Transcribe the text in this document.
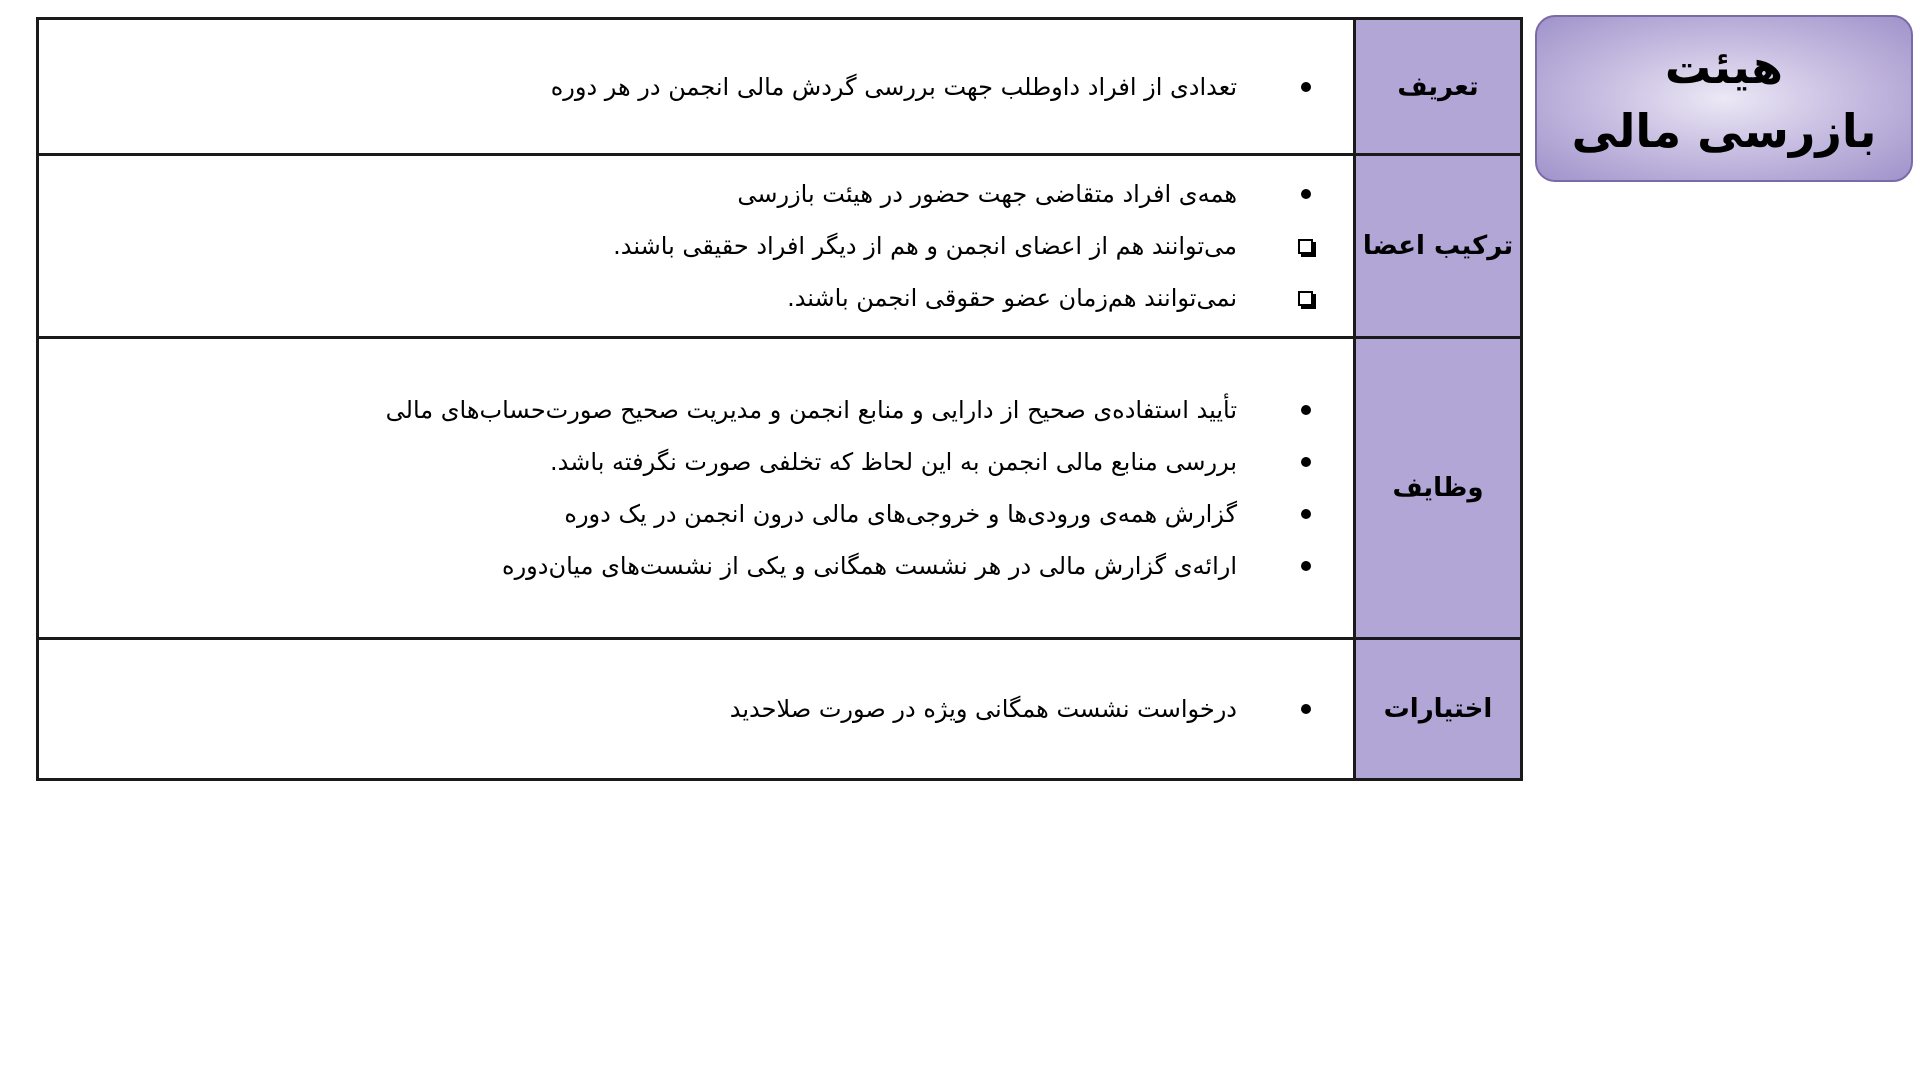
هیئت
بازرسی مالی
تعریف
تعدادی از افراد داوطلب جهت بررسی گردش مالی انجمن در هر دوره
ترکیب اعضا
همه‌ی افراد متقاضی جهت حضور در هیئت بازرسی
می‌توانند هم از اعضای انجمن و هم از دیگر افراد حقیقی باشند.
نمی‌توانند هم‌زمان عضو حقوقی انجمن باشند.
وظایف
تأیید استفاده‌ی صحیح از دارایی و منابع انجمن و مدیریت صحیح صورت‌حساب‌های مالی
بررسی منابع مالی انجمن به این لحاظ که تخلفی صورت نگرفته باشد.
گزارش همه‌ی ورودی‌ها و خروجی‌های مالی درون انجمن در یک دوره
ارائه‌ی گزارش مالی در هر نشست همگانی و یکی از نشست‌های میان‌دوره
اختیارات
درخواست نشست همگانی ویژه در صورت صلاحدید
